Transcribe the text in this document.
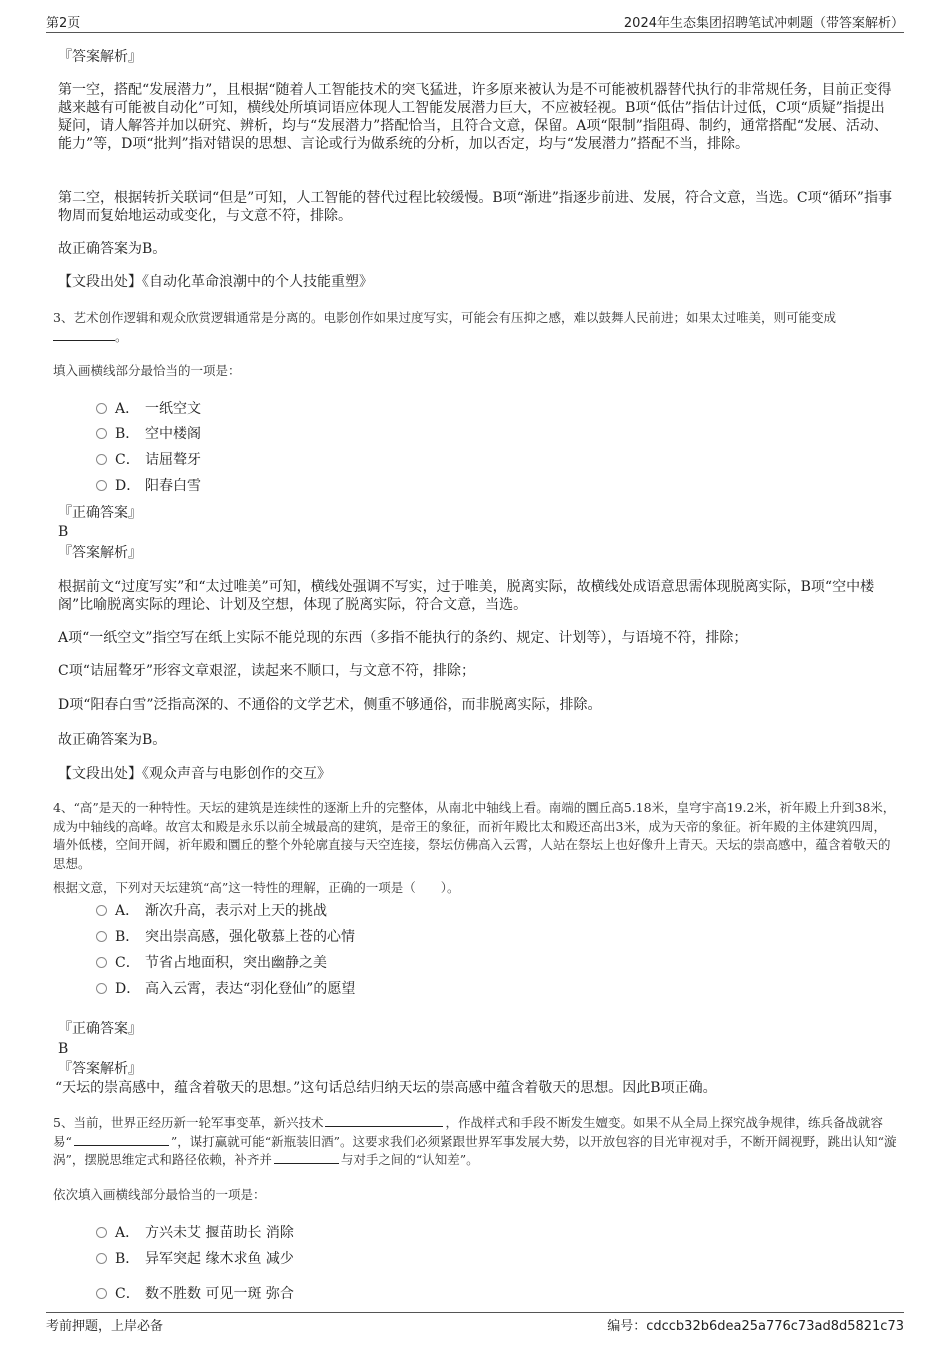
第2页	2024年生态集团招聘笔试冲刺题（带答案解析）
『答案解析』
第一空，搭配“发展潜力”，且根据“随着人工智能技术的突飞猛进，许多原来被认为是不可能被机器替代执行的非常规任务，目前正变得越来越有可能被自动化”可知，横线处所填词语应体现人工智能发展潜力巨大，不应被轻视。B项“低估”指估计过低，C项“质疑”指提出疑问，请人解答并加以研究、辨析，均与“发展潜力”搭配恰当，且符合文意，保留。A项“限制”指阻碍、制约，通常搭配“发展、活动、能力”等，D项“批判”指对错误的思想、言论或行为做系统的分析，加以否定，均与“发展潜力”搭配不当，排除。
第二空，根据转折关联词“但是”可知，人工智能的替代过程比较缓慢。B项“渐进”指逐步前进、发展，符合文意，当选。C项“循环”指事物周而复始地运动或变化，与文意不符，排除。
故正确答案为B。
【文段出处】《自动化革命浪潮中的个人技能重塑》
3、艺术创作逻辑和观众欣赏逻辑通常是分离的。电影创作如果过度写实，可能会有压抑之感，难以鼓舞人民前进；如果太过唯美，则可能变成
。
填入画横线部分最恰当的一项是：
A． 一纸空文
B． 空中楼阁
C． 诘屈聱牙
D． 阳春白雪
『正确答案』
B
『答案解析』
根据前文“过度写实”和“太过唯美”可知，横线处强调不写实，过于唯美，脱离实际，故横线处成语意思需体现脱离实际，B项“空中楼阁”比喻脱离实际的理论、计划及空想，体现了脱离实际，符合文意，当选。
A项“一纸空文”指空写在纸上实际不能兑现的东西（多指不能执行的条约、规定、计划等），与语境不符，排除；
C项“诘屈聱牙”形容文章艰涩，读起来不顺口，与文意不符，排除；
D项“阳春白雪”泛指高深的、不通俗的文学艺术，侧重不够通俗，而非脱离实际，排除。
故正确答案为B。
【文段出处】《观众声音与电影创作的交互》
4、“高”是天的一种特性。天坛的建筑是连续性的逐渐上升的完整体，从南北中轴线上看。南端的圜丘高5.18米，皇穹宇高19.2米，祈年殿上升到38米，成为中轴线的高峰。故宫太和殿是永乐以前全城最高的建筑，是帝王的象征，而祈年殿比太和殿还高出3米，成为天帝的象征。祈年殿的主体建筑四周，墙外低楼，空间开阔，祈年殿和圜丘的整个外轮廓直接与天空连接，祭坛仿佛高入云霄，人站在祭坛上也好像升上青天。天坛的崇高感中，蕴含着敬天的思想。
根据文意，下列对天坛建筑“高”这一特性的理解，正确的一项是（　　）。
A． 渐次升高，表示对上天的挑战
B． 突出崇高感，强化敬慕上苍的心情
C． 节省占地面积，突出幽静之美
D． 高入云霄，表达“羽化登仙”的愿望
『正确答案』
B
『答案解析』
“天坛的崇高感中，蕴含着敬天的思想。”这句话总结归纳天坛的崇高感中蕴含着敬天的思想。因此B项正确。
5、当前，世界正经历新一轮军事变革，新兴技术	，作战样式和手段不断发生嬗变。如果不从全局上探究战争规律，练兵备战就容易“	”，谋打赢就可能“新瓶装旧酒”。这要求我们必须紧跟世界军事发展大势，以开放包容的目光审视对手，不断开阔视野，跳出认知“漩涡”，摆脱思维定式和路径依赖，补齐并	与对手之间的“认知差”。
依次填入画横线部分最恰当的一项是：
A． 方兴未艾 揠苗助长 消除
B． 异军突起 缘木求鱼 减少
C． 数不胜数 可见一斑 弥合
考前押题，上岸必备	编号：cdccb32b6dea25a776c73ad8d5821c73
